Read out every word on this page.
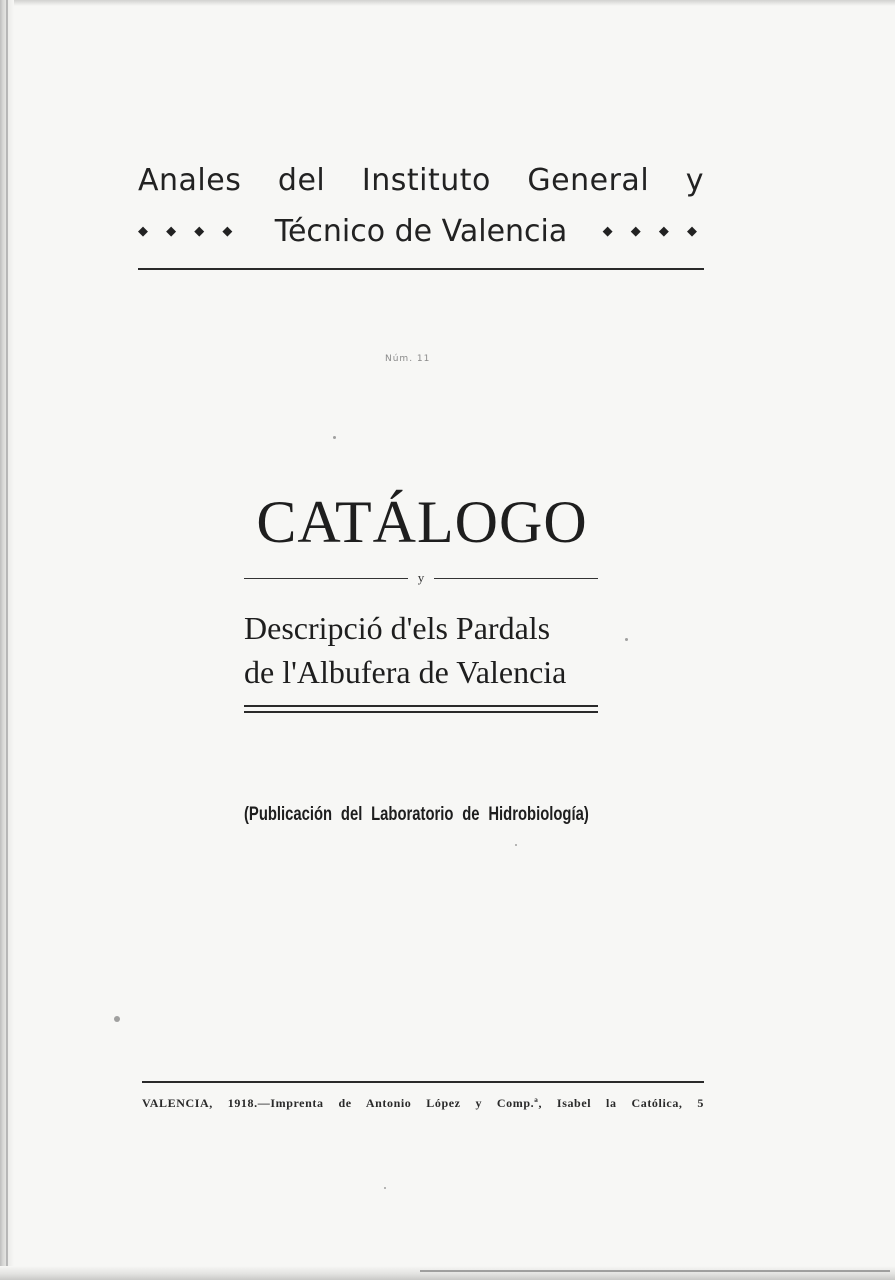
Anales del Instituto General y
◆ ◆ ◆ ◆ Técnico de Valencia	◆ ◆ ◆ ◆
Núm. 11
CATÁLOGO
y
Descripció d'els Pardals
de l'Albufera de Valencia
(Publicación del Laboratorio de Hidrobiología)
VALENCIA, 1918.—Imprenta de Antonio López y Comp.ª, Isabel la Católica, 5
